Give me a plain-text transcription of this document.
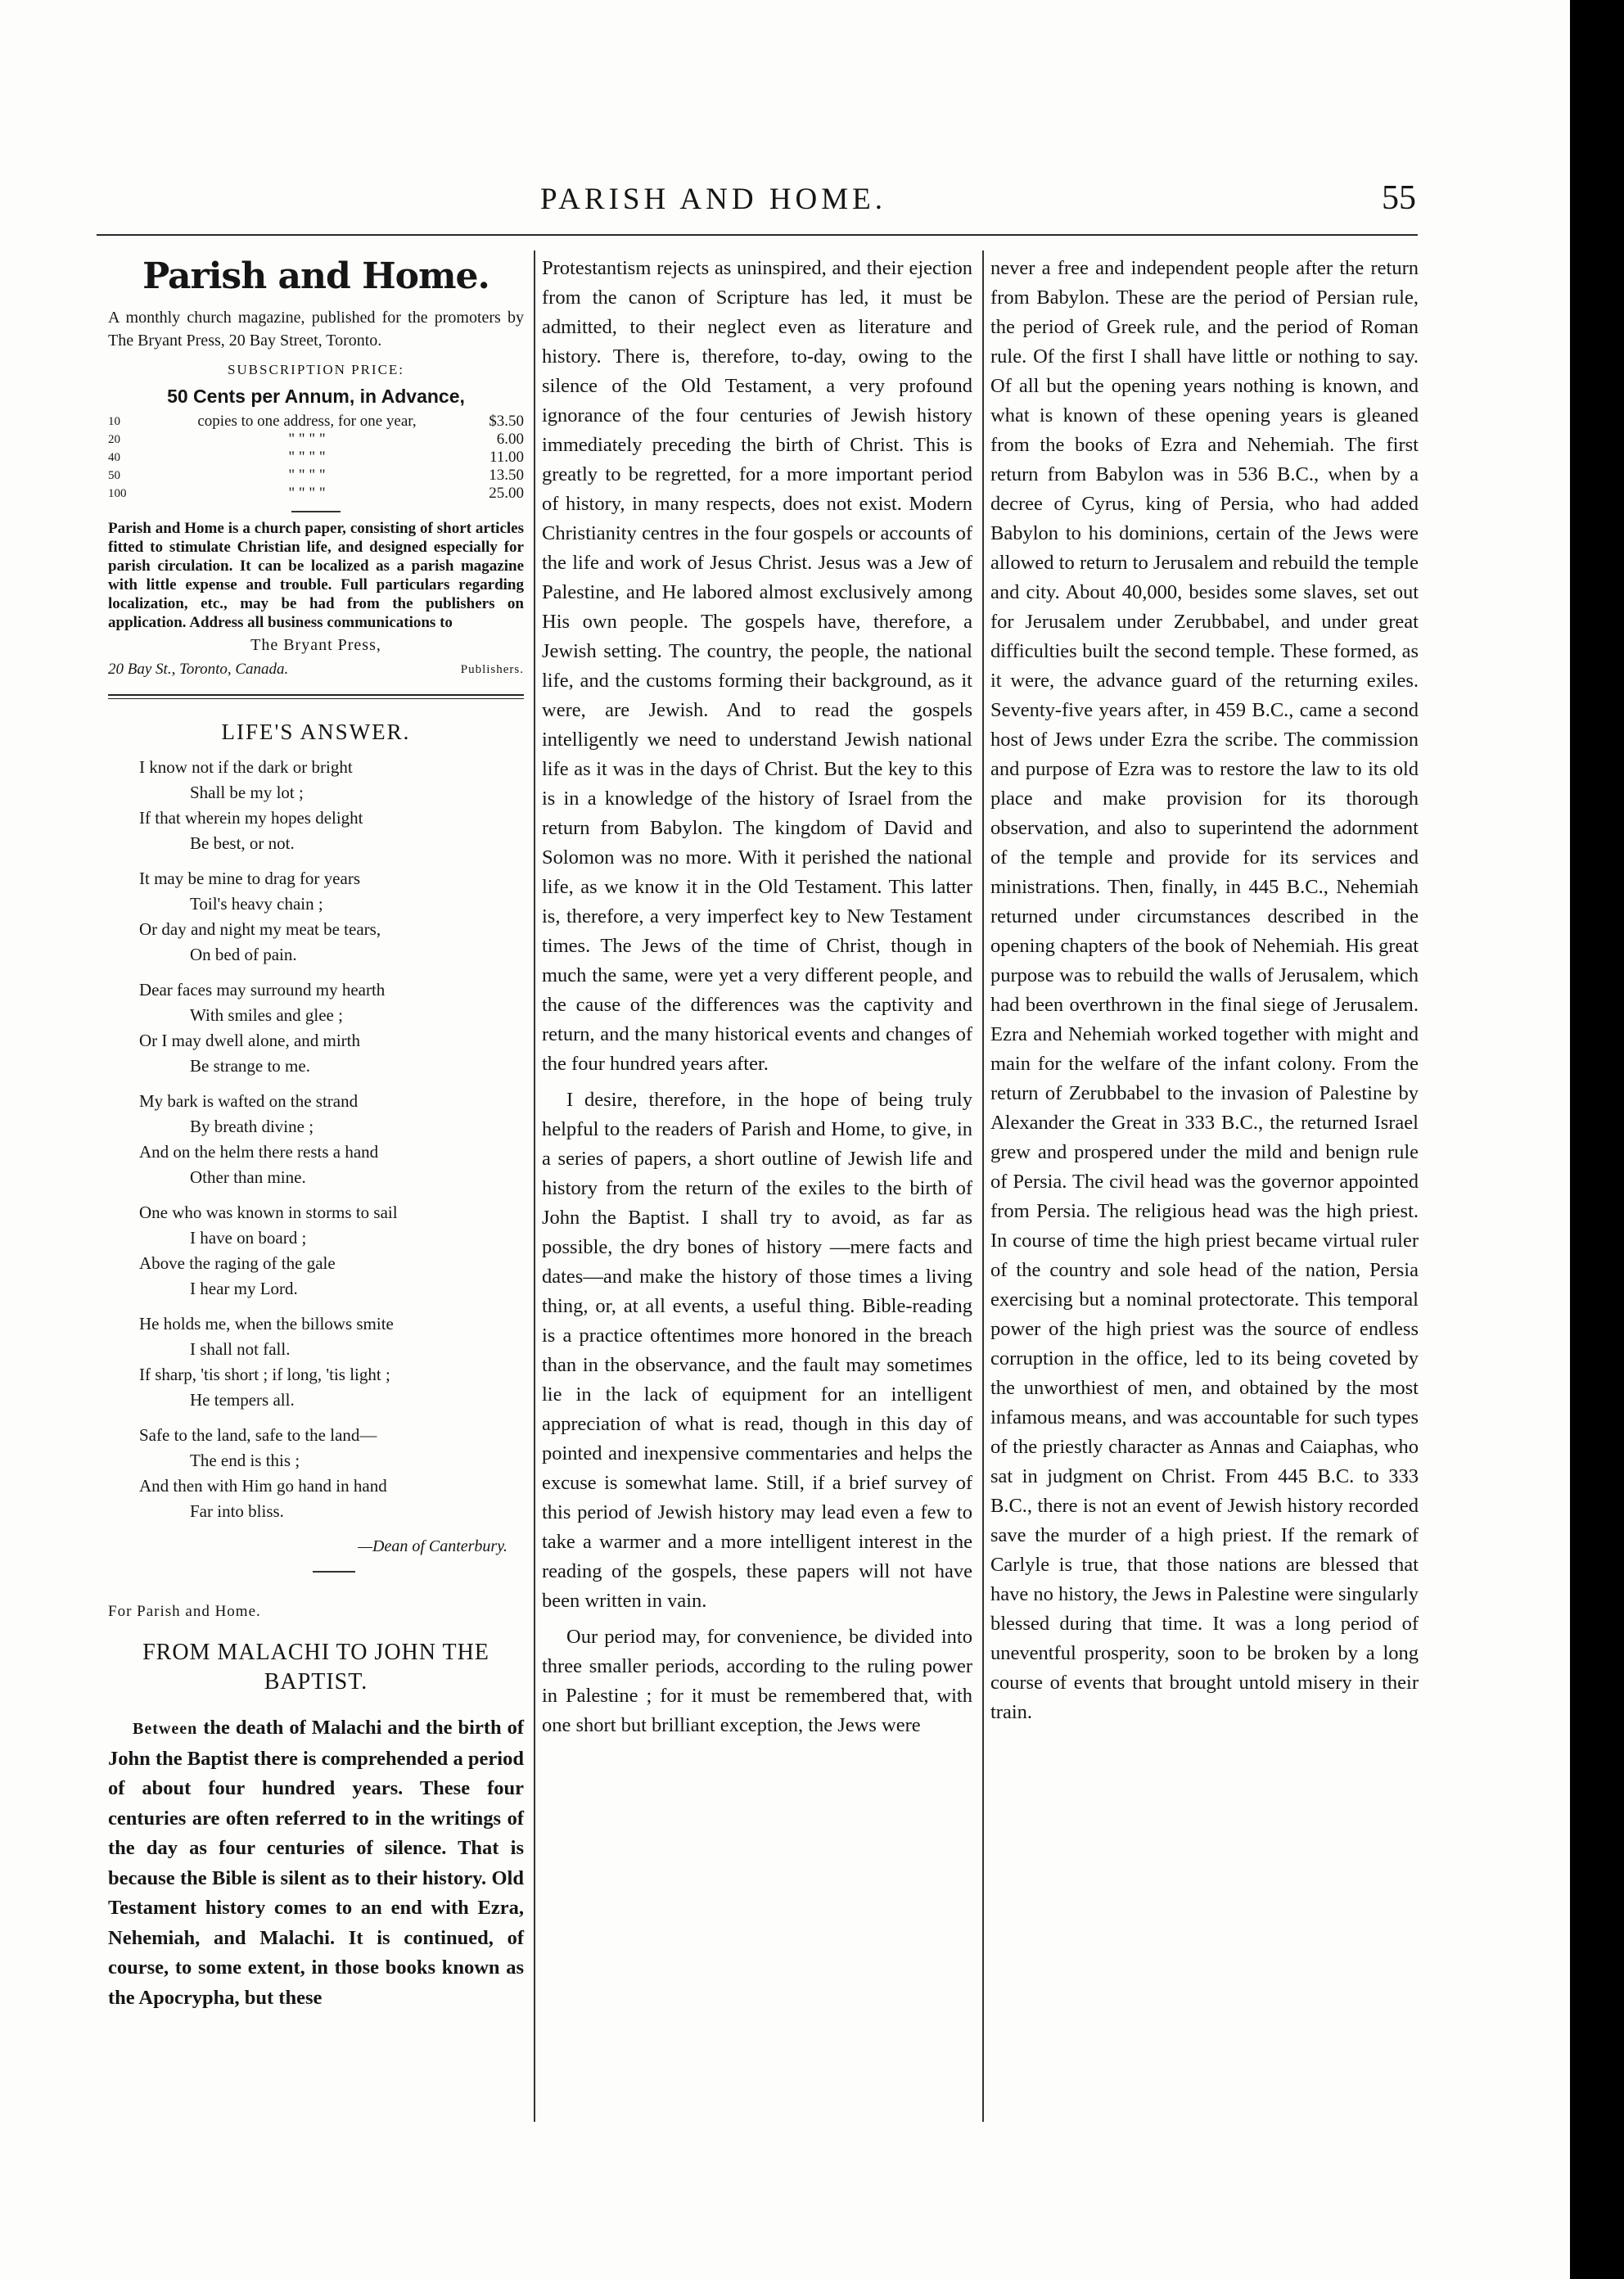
PARISH AND HOME.	55
Parish and Home.

A monthly church magazine, published for the promoters by The Bryant Press, 20 Bay Street, Toronto.

SUBSCRIPTION PRICE:
50 Cents per Annum, in Advance,
10	copies to one address, for one year,	$3.50
20	" " " "	6.00
40	" " " "	11.00
50	" " " "	13.50
100	" " " "	25.00

Parish and Home is a church paper, consisting of short articles fitted to stimulate Christian life, and designed especially for parish circulation. It can be localized as a parish magazine with little expense and trouble. Full particulars regarding localization, etc., may be had from the publishers on application. Address all business communications to

The Bryant Press,
20 Bay St., Toronto, Canada.	Publishers.
LIFE'S ANSWER.
I know not if the dark or bright
Shall be my lot ;
If that wherein my hopes delight
Be best, or not.
It may be mine to drag for years
Toil's heavy chain ;
Or day and night my meat be tears,
On bed of pain.
Dear faces may surround my hearth
With smiles and glee ;
Or I may dwell alone, and mirth
Be strange to me.
My bark is wafted on the strand
By breath divine ;
And on the helm there rests a hand
Other than mine.
One who was known in storms to sail
I have on board ;
Above the raging of the gale
I hear my Lord.
He holds me, when the billows smite
I shall not fall.
If sharp, 'tis short ; if long, 'tis light ;
He tempers all.
Safe to the land, safe to the land—
The end is this ;
And then with Him go hand in hand
Far into bliss.
—Dean of Canterbury.
For Parish and Home.
FROM MALACHI TO JOHN THE
BAPTIST.

Between the death of Malachi and the birth of John the Baptist there is comprehended a period of about four hundred years. These four centuries are often referred to in the writings of the day as four centuries of silence. That is because the Bible is silent as to their history. Old Testament history comes to an end with Ezra, Nehemiah, and Malachi. It is continued, of course, to some extent, in those books known as the Apocrypha, but these

Protestantism rejects as uninspired, and their ejection from the canon of Scripture has led, it must be admitted, to their neglect even as literature and history. There is, therefore, to-day, owing to the silence of the Old Testament, a very profound ignorance of the four centuries of Jewish history immediately preceding the birth of Christ. This is greatly to be regretted, for a more important period of history, in many respects, does not exist. Modern Christianity centres in the four gospels or accounts of the life and work of Jesus Christ. Jesus was a Jew of Palestine, and He labored almost exclusively among His own people. The gospels have, therefore, a Jewish setting. The country, the people, the national life, and the customs forming their background, as it were, are Jewish. And to read the gospels intelligently we need to understand Jewish national life as it was in the days of Christ. But the key to this is in a knowledge of the history of Israel from the return from Babylon. The kingdom of David and Solomon was no more. With it perished the national life, as we know it in the Old Testament. This latter is, therefore, a very imperfect key to New Testament times. The Jews of the time of Christ, though in much the same, were yet a very different people, and the cause of the differences was the captivity and return, and the many historical events and changes of the four hundred years after.

I desire, therefore, in the hope of being truly helpful to the readers of Parish and Home, to give, in a series of papers, a short outline of Jewish life and history from the return of the exiles to the birth of John the Baptist. I shall try to avoid, as far as possible, the dry bones of history —mere facts and dates—and make the history of those times a living thing, or, at all events, a useful thing. Bible-reading is a practice oftentimes more honored in the breach than in the observance, and the fault may sometimes lie in the lack of equipment for an intelligent appreciation of what is read, though in this day of pointed and inexpensive commentaries and helps the excuse is somewhat lame. Still, if a brief survey of this period of Jewish history may lead even a few to take a warmer and a more intelligent interest in the reading of the gospels, these papers will not have been written in vain.

Our period may, for convenience, be divided into three smaller periods, according to the ruling power in Palestine ; for it must be remembered that, with one short but brilliant exception, the Jews were

never a free and independent people after the return from Babylon. These are the period of Persian rule, the period of Greek rule, and the period of Roman rule. Of the first I shall have little or nothing to say. Of all but the opening years nothing is known, and what is known of these opening years is gleaned from the books of Ezra and Nehemiah. The first return from Babylon was in 536 B.C., when by a decree of Cyrus, king of Persia, who had added Babylon to his dominions, certain of the Jews were allowed to return to Jerusalem and rebuild the temple and city. About 40,000, besides some slaves, set out for Jerusalem under Zerubbabel, and under great difficulties built the second temple. These formed, as it were, the advance guard of the returning exiles. Seventy-five years after, in 459 B.C., came a second host of Jews under Ezra the scribe. The commission and purpose of Ezra was to restore the law to its old place and make provision for its thorough observation, and also to superintend the adornment of the temple and provide for its services and ministrations. Then, finally, in 445 B.C., Nehemiah returned under circumstances described in the opening chapters of the book of Nehemiah. His great purpose was to rebuild the walls of Jerusalem, which had been overthrown in the final siege of Jerusalem. Ezra and Nehemiah worked together with might and main for the welfare of the infant colony. From the return of Zerubbabel to the invasion of Palestine by Alexander the Great in 333 B.C., the returned Israel grew and prospered under the mild and benign rule of Persia. The civil head was the governor appointed from Persia. The religious head was the high priest. In course of time the high priest became virtual ruler of the country and sole head of the nation, Persia exercising but a nominal protectorate. This temporal power of the high priest was the source of endless corruption in the office, led to its being coveted by the unworthiest of men, and obtained by the most infamous means, and was accountable for such types of the priestly character as Annas and Caiaphas, who sat in judgment on Christ. From 445 B.C. to 333 B.C., there is not an event of Jewish history recorded save the murder of a high priest. If the remark of Carlyle is true, that those nations are blessed that have no history, the Jews in Palestine were singularly blessed during that time. It was a long period of uneventful prosperity, soon to be broken by a long course of events that brought untold misery in their train.
